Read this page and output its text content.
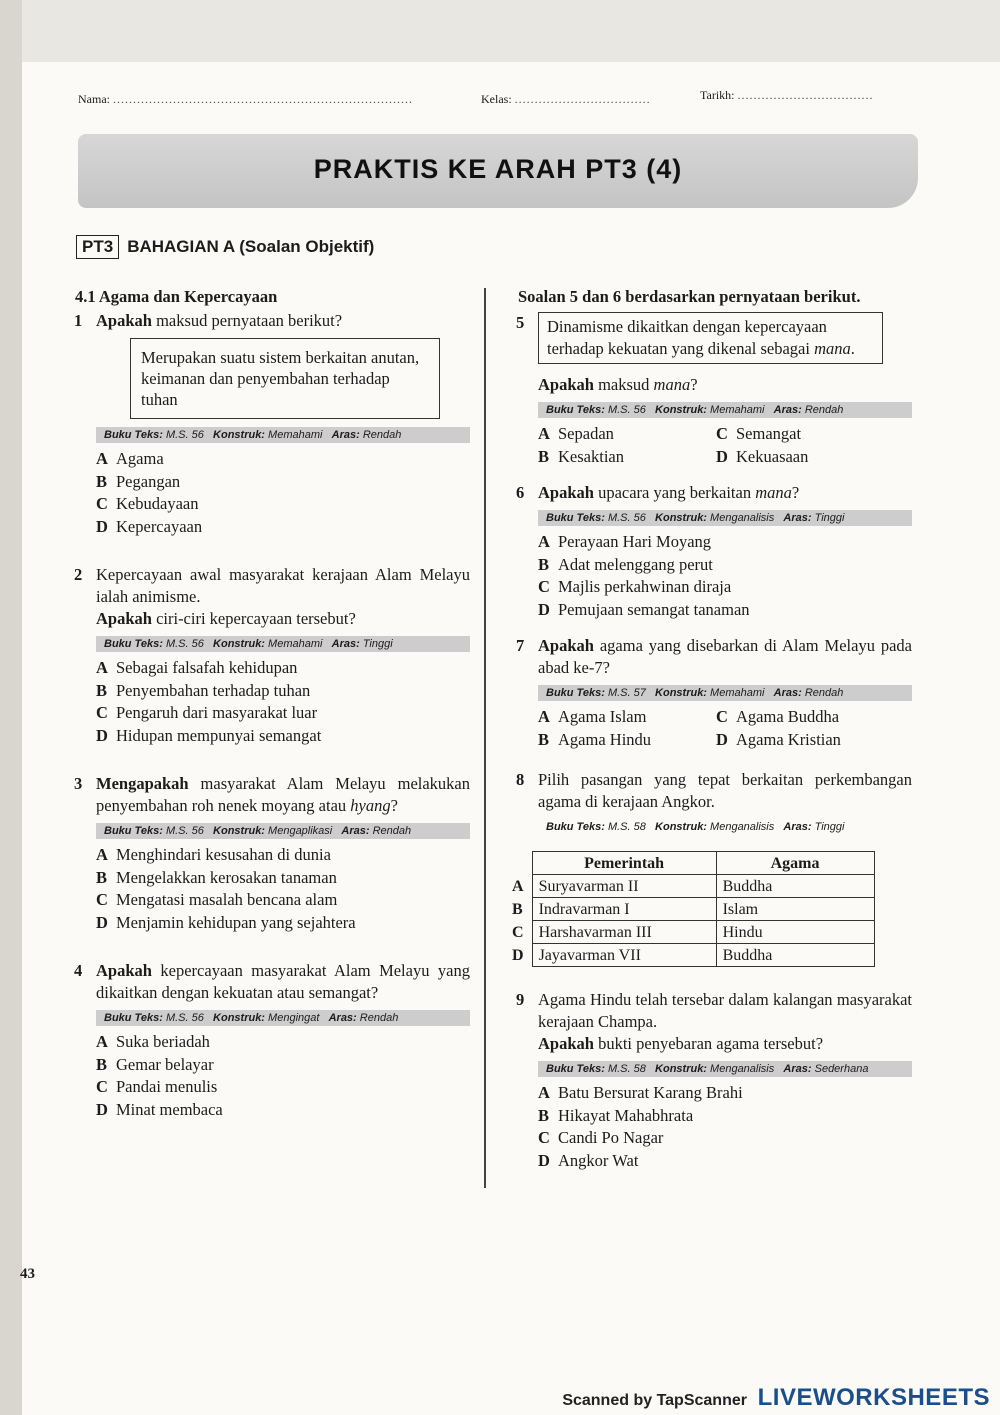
Nama: ...........................................................................	Kelas: ..................................	Tarikh: ..................................
PRAKTIS KE ARAH PT3 (4)
PT3 BAHAGIAN A (Soalan Objektif)
4.1 Agama dan Kepercayaan
1 Apakah maksud pernyataan berikut?
Merupakan suatu sistem berkaitan anutan, keimanan dan penyembahan terhadap tuhan
Buku Teks: M.S. 56 Konstruk: Memahami Aras: Rendah
A Agama
B Pegangan
C Kebudayaan
D Kepercayaan
2 Kepercayaan awal masyarakat kerajaan Alam Melayu ialah animisme.
Apakah ciri-ciri kepercayaan tersebut?
Buku Teks: M.S. 56 Konstruk: Memahami Aras: Tinggi
A Sebagai falsafah kehidupan
B Penyembahan terhadap tuhan
C Pengaruh dari masyarakat luar
D Hidupan mempunyai semangat
3 Mengapakah masyarakat Alam Melayu melakukan penyembahan roh nenek moyang atau hyang?
Buku Teks: M.S. 56 Konstruk: Mengaplikasi Aras: Rendah
A Menghindari kesusahan di dunia
B Mengelakkan kerosakan tanaman
C Mengatasi masalah bencana alam
D Menjamin kehidupan yang sejahtera
4 Apakah kepercayaan masyarakat Alam Melayu yang dikaitkan dengan kekuatan atau semangat?
Buku Teks: M.S. 56 Konstruk: Mengingat Aras: Rendah
A Suka beriadah
B Gemar belayar
C Pandai menulis
D Minat membaca
Soalan 5 dan 6 berdasarkan pernyataan berikut.
5	Dinamisme dikaitkan dengan kepercayaan terhadap kekuatan yang dikenal sebagai mana.
Apakah maksud mana?
Buku Teks: M.S. 56 Konstruk: Memahami Aras: Rendah
A Sepadan	C Semangat
B Kesaktian	D Kekuasaan
6 Apakah upacara yang berkaitan mana?
Buku Teks: M.S. 56 Konstruk: Menganalisis Aras: Tinggi
A Perayaan Hari Moyang
B Adat melenggang perut
C Majlis perkahwinan diraja
D Pemujaan semangat tanaman
7 Apakah agama yang disebarkan di Alam Melayu pada abad ke-7?
Buku Teks: M.S. 57 Konstruk: Memahami Aras: Rendah
A Agama Islam	C Agama Buddha
B Agama Hindu	D Agama Kristian
8 Pilih pasangan yang tepat berkaitan perkembangan agama di kerajaan Angkor.
Buku Teks: M.S. 58 Konstruk: Menganalisis Aras: Tinggi
	Pemerintah	Agama
A	Suryavarman II	Buddha
B	Indravarman I	Islam
C	Harshavarman III	Hindu
D	Jayavarman VII	Buddha
9 Agama Hindu telah tersebar dalam kalangan masyarakat kerajaan Champa.
Apakah bukti penyebaran agama tersebut?
Buku Teks: M.S. 58 Konstruk: Menganalisis Aras: Sederhana
A Batu Bersurat Karang Brahi
B Hikayat Mahabhrata
C Candi Po Nagar
D Angkor Wat
43
Scanned by TapScanner LIVEWORKSHEETS
